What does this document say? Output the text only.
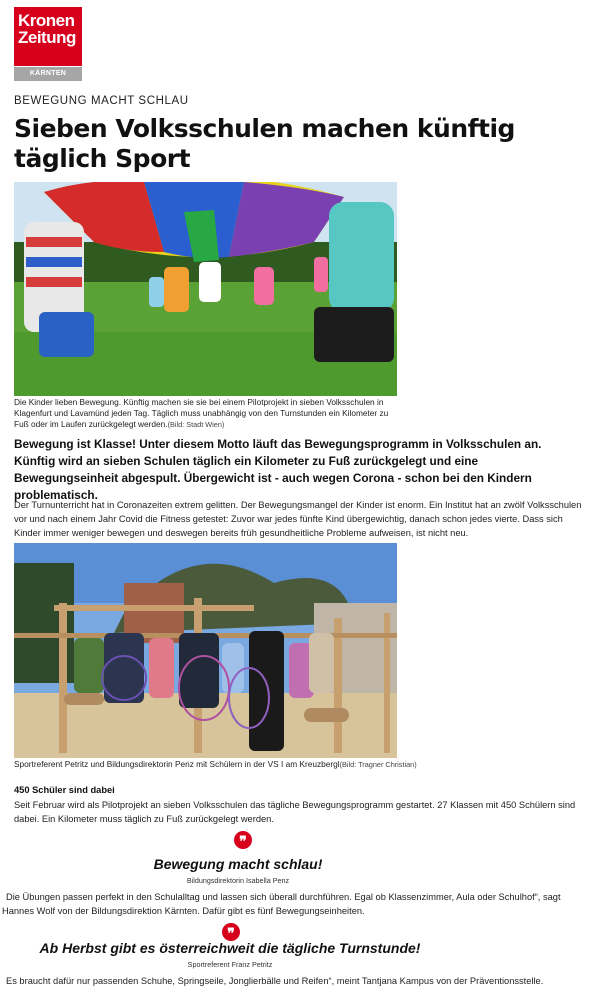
Kronen
Zeitung
KÄRNTEN
BEWEGUNG MACHT SCHLAU
Sieben Volksschulen machen künftig täglich Sport
Die Kinder lieben Bewegung. Künftig machen sie sie bei einem Pilotprojekt in sieben Volksschulen in Klagenfurt und Lavamünd jeden Tag. Täglich muss unabhängig von den Turnstunden ein Kilometer zu Fuß oder im Laufen zurückgelegt werden.(Bild: Stadt Wien)

Bewegung ist Klasse! Unter diesem Motto läuft das Bewegungsprogramm in Volksschulen an. Künftig wird an sieben Schulen täglich ein Kilometer zu Fuß zurückgelegt und eine Bewegungseinheit abgespult. Übergewicht ist - auch wegen Corona - schon bei den Kindern problematisch.

Der Turnunterricht hat in Coronazeiten extrem gelitten. Der Bewegungsmangel der Kinder ist enorm. Ein Institut hat an zwölf Volksschulen vor und nach einem Jahr Covid die Fitness getestet: Zuvor war jedes fünfte Kind übergewichtig, danach schon jedes vierte. Dass sich Kinder immer weniger bewegen und deswegen bereits früh gesundheitliche Probleme aufweisen, ist nicht neu.

Sportreferent Petritz und Bildungsdirektorin Penz mit Schülern in der VS I am Kreuzbergl(Bild: Tragner Christian)
450 Schüler sind dabei

Seit Februar wird als Pilotprojekt an sieben Volksschulen das tägliche Bewegungsprogramm gestartet. 27 Klassen mit 450 Schülern sind dabei. Ein Kilometer muss täglich zu Fuß zurückgelegt werden.

❞
Bewegung macht schlau!
Bildungsdirektorin Isabella Penz

Die Übungen passen perfekt in den Schulalltag und lassen sich überall durchführen. Egal ob Klassenzimmer, Aula oder Schulhof“, sagt
Hannes Wolf von der Bildungsdirektion Kärnten. Dafür gibt es fünf Bewegungseinheiten.

❞
Ab Herbst gibt es österreichweit die tägliche Turnstunde!
Sportreferent Franz Petritz

Es braucht dafür nur passenden Schuhe, Springseile, Jonglierbälle und Reifen“, meint Tantjana Kampus von der Präventionsstelle.
